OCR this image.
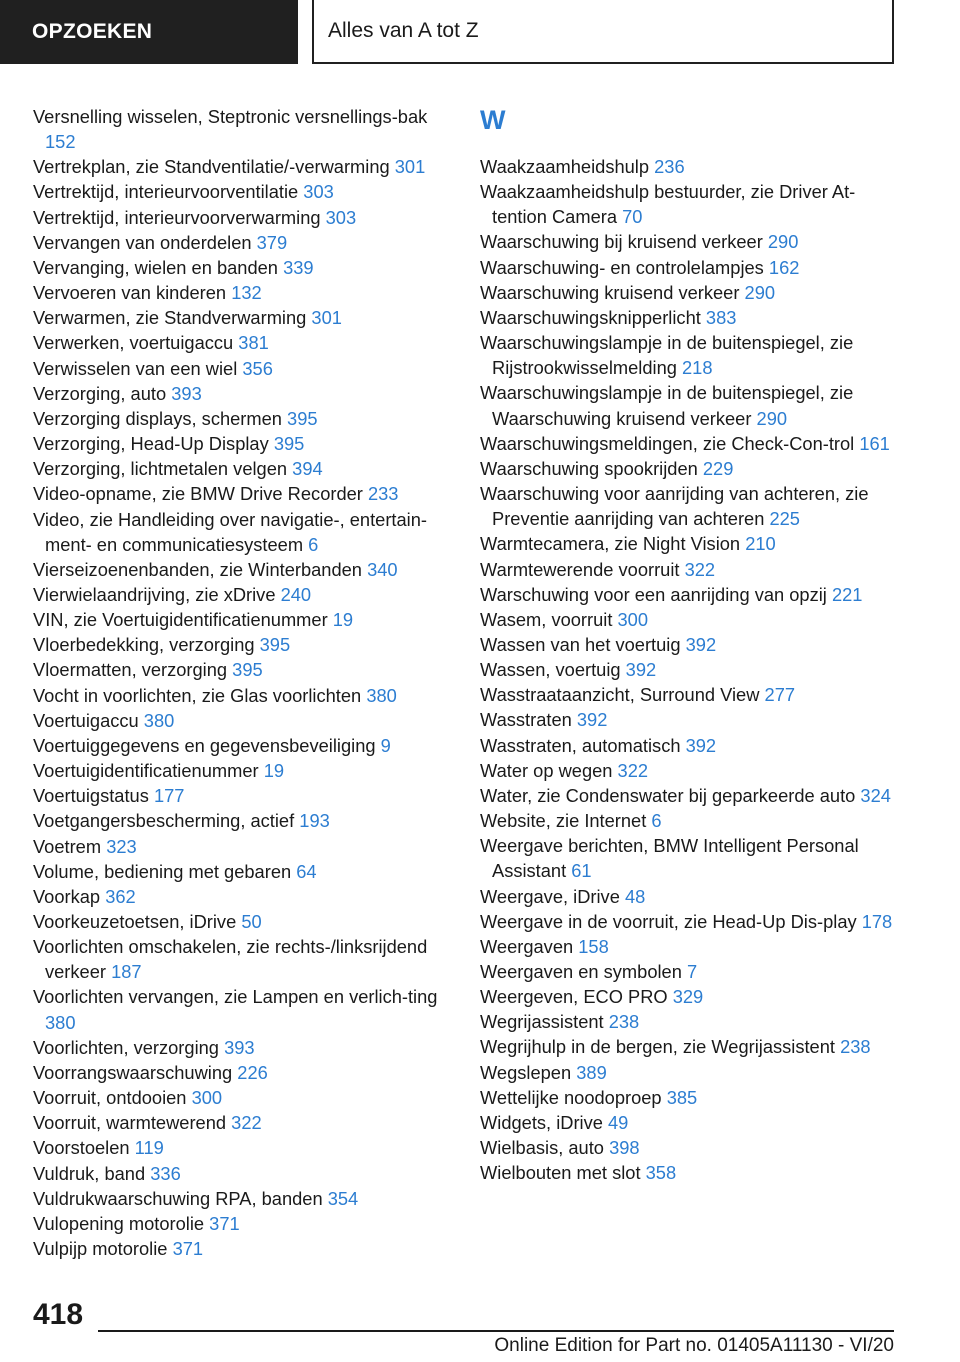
OPZOEKEN	Alles van A tot Z
Versnelling wisselen, Steptronic versnellings‐bak 152
Vertrekplan, zie Standventilatie/-verwarming 301
Vertrektijd, interieurvoorventilatie 303
Vertrektijd, interieurvoorverwarming 303
Vervangen van onderdelen 379
Vervanging, wielen en banden 339
Vervoeren van kinderen 132
Verwarmen, zie Standverwarming 301
Verwerken, voertuigaccu 381
Verwisselen van een wiel 356
Verzorging, auto 393
Verzorging displays, schermen 395
Verzorging, Head-Up Display 395
Verzorging, lichtmetalen velgen 394
Video-opname, zie BMW Drive Recorder 233
Video, zie Handleiding over navigatie-, entertain‐ment- en communicatiesysteem 6
Vierseizoenenbanden, zie Winterbanden 340
Vierwielaandrijving, zie xDrive 240
VIN, zie Voertuigidentificatienummer 19
Vloerbedekking, verzorging 395
Vloermatten, verzorging 395
Vocht in voorlichten, zie Glas voorlichten 380
Voertuigaccu 380
Voertuiggegevens en gegevensbeveiliging 9
Voertuigidentificatienummer 19
Voertuigstatus 177
Voetgangersbescherming, actief 193
Voetrem 323
Volume, bediening met gebaren 64
Voorkap 362
Voorkeuzetoetsen, iDrive 50
Voorlichten omschakelen, zie rechts-/linksrijdend verkeer 187
Voorlichten vervangen, zie Lampen en verlich‐ting 380
Voorlichten, verzorging 393
Voorrangswaarschuwing 226
Voorruit, ontdooien 300
Voorruit, warmtewerend 322
Voorstoelen 119
Vuldruk, band 336
Vuldrukwaarschuwing RPA, banden 354
Vulopening motorolie 371
Vulpijp motorolie 371
W
Waakzaamheidshulp 236
Waakzaamheidshulp bestuurder, zie Driver At‐tention Camera 70
Waarschuwing bij kruisend verkeer 290
Waarschuwing- en controlelampjes 162
Waarschuwing kruisend verkeer 290
Waarschuwingsknipperlicht 383
Waarschuwingslampje in de buitenspiegel, zie Rijstrookwisselmelding 218
Waarschuwingslampje in de buitenspiegel, zie Waarschuwing kruisend verkeer 290
Waarschuwingsmeldingen, zie Check-Con‐trol 161
Waarschuwing spookrijden 229
Waarschuwing voor aanrijding van achteren, zie Preventie aanrijding van achteren 225
Warmtecamera, zie Night Vision 210
Warmtewerende voorruit 322
Warschuwing voor een aanrijding van opzij 221
Wasem, voorruit 300
Wassen van het voertuig 392
Wassen, voertuig 392
Wasstraataanzicht, Surround View 277
Wasstraten 392
Wasstraten, automatisch 392
Water op wegen 322
Water, zie Condenswater bij geparkeerde auto 324
Website, zie Internet 6
Weergave berichten, BMW Intelligent Personal Assistant 61
Weergave, iDrive 48
Weergave in de voorruit, zie Head-Up Dis‐play 178
Weergaven 158
Weergaven en symbolen 7
Weergeven, ECO PRO 329
Wegrijassistent 238
Wegrijhulp in de bergen, zie Wegrijassistent 238
Wegslepen 389
Wettelijke noodoproep 385
Widgets, iDrive 49
Wielbasis, auto 398
Wielbouten met slot 358
418
Online Edition for Part no. 01405A11130 - VI/20
